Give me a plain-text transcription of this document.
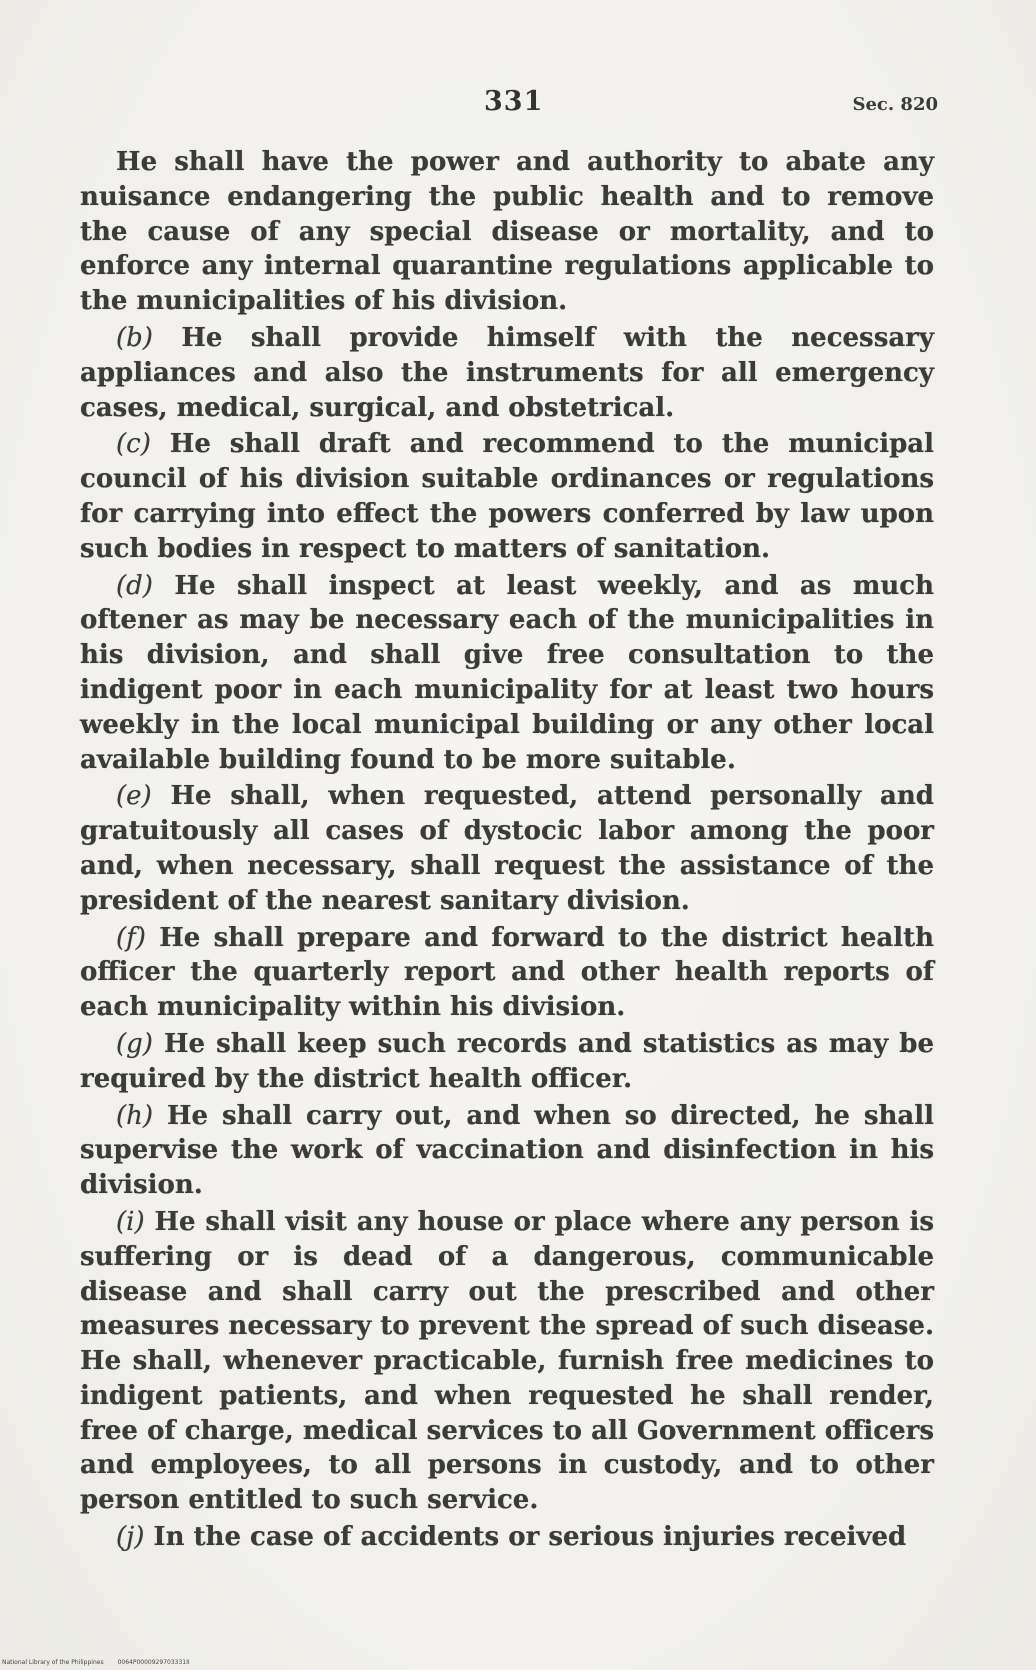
331	Sec. 820

He shall have the power and authority to abate any nuisance endangering the public health and to remove the cause of any special disease or mortality, and to enforce any internal quarantine regulations applicable to the municipalities of his division.

(b) He shall provide himself with the necessary appliances and also the instruments for all emergency cases, medical, surgical, and obstetrical.

(c) He shall draft and recommend to the municipal council of his division suitable ordinances or regulations for carrying into effect the powers conferred by law upon such bodies in respect to matters of sanitation.

(d) He shall inspect at least weekly, and as much oftener as may be necessary each of the municipalities in his division, and shall give free consultation to the indigent poor in each municipality for at least two hours weekly in the local municipal building or any other local available building found to be more suitable.

(e) He shall, when requested, attend personally and gratuitously all cases of dystocic labor among the poor and, when necessary, shall request the assistance of the president of the nearest sanitary division.

(f) He shall prepare and forward to the district health officer the quarterly report and other health reports of each municipality within his division.

(g) He shall keep such records and statistics as may be required by the district health officer.

(h) He shall carry out, and when so directed, he shall supervise the work of vaccination and disinfection in his division.

(i) He shall visit any house or place where any person is suffering or is dead of a dangerous, communicable disease and shall carry out the prescribed and other measures necessary to prevent the spread of such disease. He shall, whenever practicable, furnish free medicines to indigent patients, and when requested he shall render, free of charge, medical services to all Government officers and employees, to all persons in custody, and to other person entitled to such service.

(j) In the case of accidents or serious injuries received

National Library of the Philippines 0064P0000929703331II
